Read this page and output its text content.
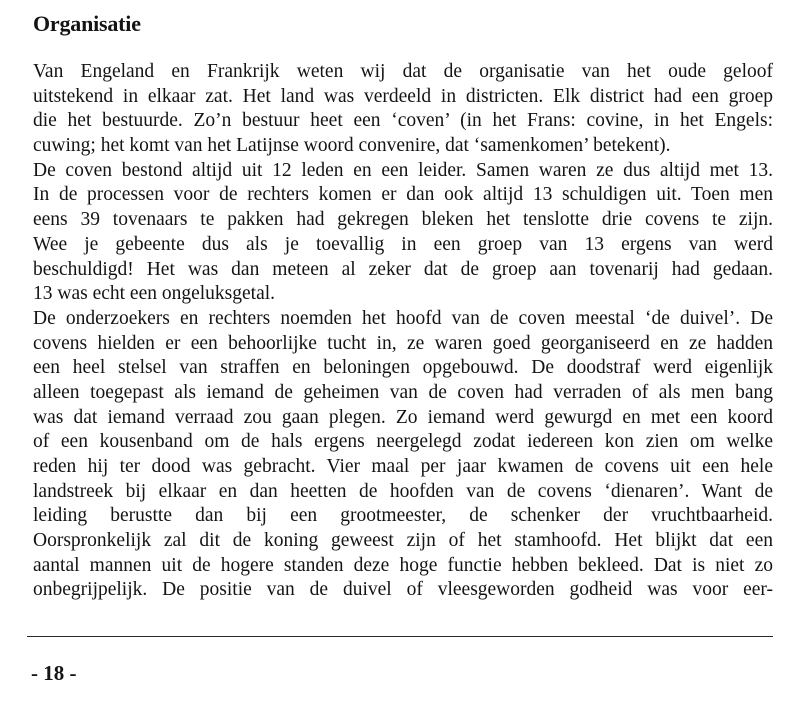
Organisatie
Van Engeland en Frankrijk weten wij dat de organisatie van het oude geloof
uitstekend in elkaar zat. Het land was verdeeld in districten. Elk district had een groep
die het bestuurde. Zo’n bestuur heet een ‘coven’ (in het Frans: covine, in het Engels:
cuwing; het komt van het Latijnse woord convenire, dat ‘samenkomen’ betekent).
De coven bestond altijd uit 12 leden en een leider. Samen waren ze dus altijd met 13.
In de processen voor de rechters komen er dan ook altijd 13 schuldigen uit. Toen men
eens 39 tovenaars te pakken had gekregen bleken het tenslotte drie covens te zijn.
Wee je gebeente dus als je toevallig in een groep van 13 ergens van werd
beschuldigd! Het was dan meteen al zeker dat de groep aan tovenarij had gedaan.
13 was echt een ongeluksgetal.
De onderzoekers en rechters noemden het hoofd van de coven meestal ‘de duivel’. De
covens hielden er een behoorlijke tucht in, ze waren goed georganiseerd en ze hadden
een heel stelsel van straffen en beloningen opgebouwd. De doodstraf werd eigenlijk
alleen toegepast als iemand de geheimen van de coven had verraden of als men bang
was dat iemand verraad zou gaan plegen. Zo iemand werd gewurgd en met een koord
of een kousenband om de hals ergens neergelegd zodat iedereen kon zien om welke
reden hij ter dood was gebracht. Vier maal per jaar kwamen de covens uit een hele
landstreek bij elkaar en dan heetten de hoofden van de covens ‘dienaren’. Want de
leiding berustte dan bij een grootmeester, de schenker der vruchtbaarheid.
Oorspronkelijk zal dit de koning geweest zijn of het stamhoofd. Het blijkt dat een
aantal mannen uit de hogere standen deze hoge functie hebben bekleed. Dat is niet zo
onbegrijpelijk. De positie van de duivel of vleesgeworden godheid was voor eer-
- 18 -
